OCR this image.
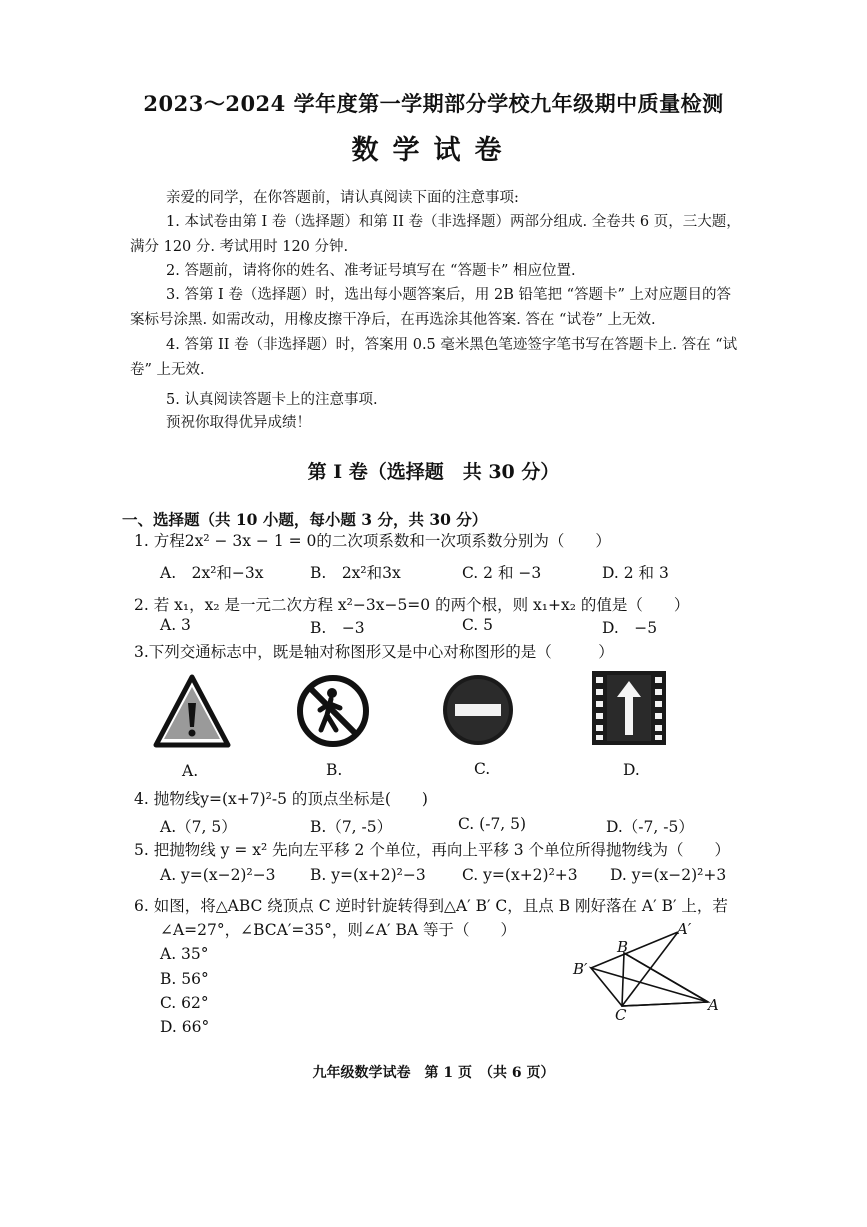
2023～2024 学年度第一学期部分学校九年级期中质量检测
数学试卷
亲爱的同学，在你答题前，请认真阅读下面的注意事项:
1. 本试卷由第 I 卷（选择题）和第 II 卷（非选择题）两部分组成. 全卷共 6 页，三大题，
满分 120 分. 考试用时 120 分钟.
2. 答题前，请将你的姓名、准考证号填写在 “答题卡” 相应位置.
3. 答第 I 卷（选择题）时，选出每小题答案后，用 2B 铅笔把 “答题卡” 上对应题目的答
案标号涂黑. 如需改动，用橡皮擦干净后，在再选涂其他答案. 答在 “试卷” 上无效.
4. 答第 II 卷（非选择题）时，答案用 0.5 毫米黑色笔迹签字笔书写在答题卡上. 答在 “试
卷” 上无效.
5. 认真阅读答题卡上的注意事项.
预祝你取得优异成绩！
第 I 卷（选择题　共 30 分）
一、选择题（共 10 小题，每小题 3 分，共 30 分）
1. 方程2x² − 3x − 1 = 0的二次项系数和一次项系数分别为（　　）
A.　2x²和−3x	B.　2x²和3x	C. 2 和 −3	D. 2 和 3
2. 若 x₁，x₂ 是一元二次方程 x²−3x−5=0 的两个根，则 x₁+x₂ 的值是（　　）
A. 3	B.　−3	C. 5	D.　−5
3.下列交通标志中，既是轴对称图形又是中心对称图形的是（　　　）
A.	B.	C.	D.
4. 抛物线y=(x+7)²-5 的顶点坐标是(　　)
A.（7, 5）	B.（7, -5）	C. (-7, 5)	D.（-7, -5）
5. 把抛物线 y = x² 先向左平移 2 个单位，再向上平移 3 个单位所得抛物线为（　　）
A. y=(x−2)²−3 B. y=(x+2)²−3 C. y=(x+2)²+3 D. y=(x−2)²+3
6. 如图，将△ABC 绕顶点 C 逆时针旋转得到△A′ B′ C，且点 B 刚好落在 A′ B′ 上，若
∠A=27°，∠BCA′=35°，则∠A′ BA 等于（　　）
A. 35°
B. 56°
C. 62°
D. 66°
B
A′
B′
C
A
九年级数学试卷　第 1 页　（共 6 页）
